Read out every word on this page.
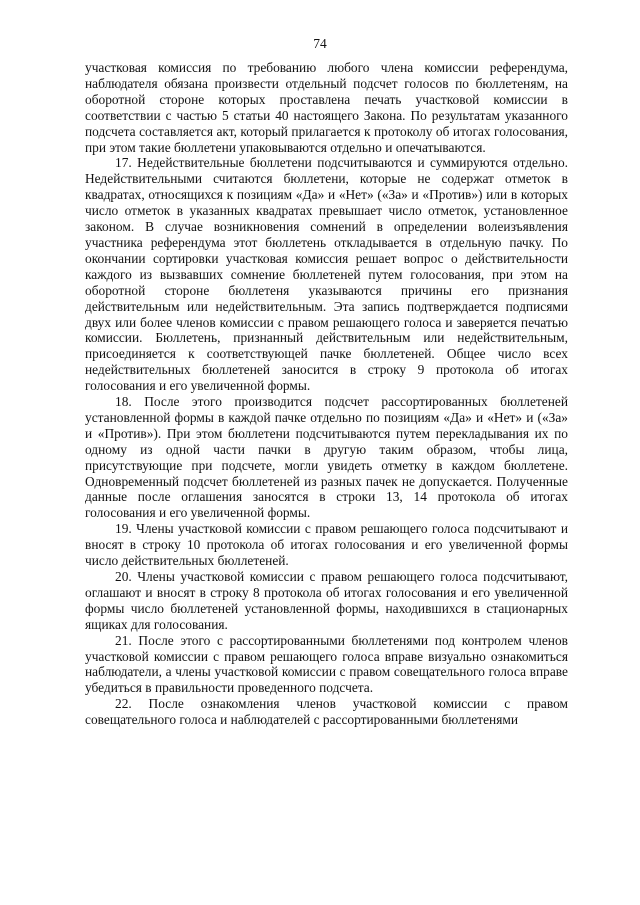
74

участковая комиссия по требованию любого члена комиссии референдума, наблюдателя обязана произвести отдельный подсчет голосов по бюллетеням, на оборотной стороне которых проставлена печать участковой комиссии в соответствии с частью 5 статьи 40 настоящего Закона. По результатам указанного подсчета составляется акт, который прилагается к протоколу об итогах голосования, при этом такие бюллетени упаковываются отдельно и опечатываются.

17. Недействительные бюллетени подсчитываются и суммируются отдельно. Недействительными считаются бюллетени, которые не содержат отметок в квадратах, относящихся к позициям «Да» и «Нет» («За» и «Против») или в которых число отметок в указанных квадратах превышает число отметок, установленное законом. В случае возникновения сомнений в определении волеизъявления участника референдума этот бюллетень откладывается в отдельную пачку. По окончании сортировки участковая комиссия решает вопрос о действительности каждого из вызвавших сомнение бюллетеней путем голосования, при этом на оборотной стороне бюллетеня указываются причины его признания действительным или недействительным. Эта запись подтверждается подписями двух или более членов комиссии с правом решающего голоса и заверяется печатью комиссии. Бюллетень, признанный действительным или недействительным, присоединяется к соответствующей пачке бюллетеней. Общее число всех недействительных бюллетеней заносится в строку 9 протокола об итогах голосования и его увеличенной формы.

18. После этого производится подсчет рассортированных бюллетеней установленной формы в каждой пачке отдельно по позициям «Да» и «Нет» и («За» и «Против»). При этом бюллетени подсчитываются путем перекладывания их по одному из одной части пачки в другую таким образом, чтобы лица, присутствующие при подсчете, могли увидеть отметку в каждом бюллетене. Одновременный подсчет бюллетеней из разных пачек не допускается. Полученные данные после оглашения заносятся в строки 13, 14 протокола об итогах голосования и его увеличенной формы.

19. Члены участковой комиссии с правом решающего голоса подсчитывают и вносят в строку 10 протокола об итогах голосования и его увеличенной формы число действительных бюллетеней.

20. Члены участковой комиссии с правом решающего голоса подсчитывают, оглашают и вносят в строку 8 протокола об итогах голосования и его увеличенной формы число бюллетеней установленной формы, находившихся в стационарных ящиках для голосования.

21. После этого с рассортированными бюллетенями под контролем членов участковой комиссии с правом решающего голоса вправе визуально ознакомиться наблюдатели, а члены участковой комиссии с правом совещательного голоса вправе убедиться в правильности проведенного подсчета.

22. После ознакомления членов участковой комиссии с правом совещательного голоса и наблюдателей с рассортированными бюллетенями
